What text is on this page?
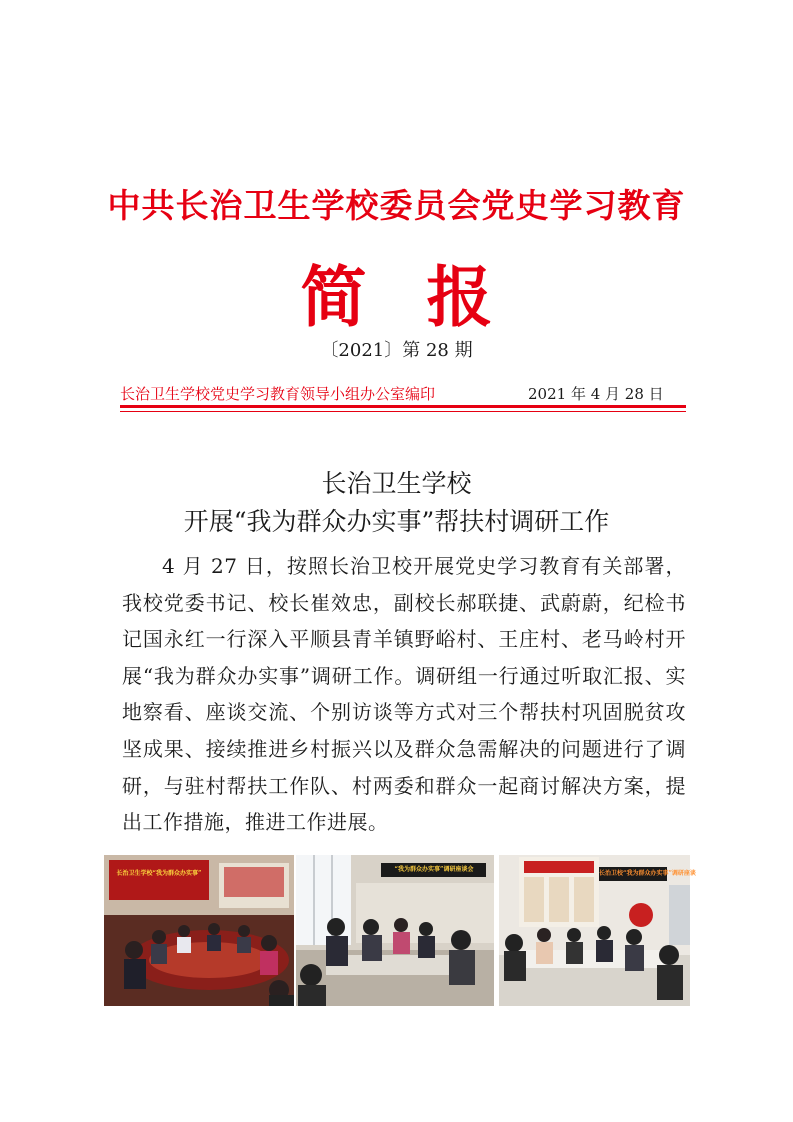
中共长治卫生学校委员会党史学习教育
简报
〔2021〕第 28 期
长治卫生学校党史学习教育领导小组办公室编印	2021 年 4 月 28 日
长治卫生学校
开展“我为群众办实事”帮扶村调研工作
4 月 27 日，按照长治卫校开展党史学习教育有关部署，我校党委书记、校长崔效忠，副校长郝联捷、武蔚蔚，纪检书记国永红一行深入平顺县青羊镇野峪村、王庄村、老马岭村开展“我为群众办实事”调研工作。调研组一行通过听取汇报、实地察看、座谈交流、个别访谈等方式对三个帮扶村巩固脱贫攻坚成果、接续推进乡村振兴以及群众急需解决的问题进行了调研，与驻村帮扶工作队、村两委和群众一起商讨解决方案，提出工作措施，推进工作进展。
长治卫生学校“我为群众办实事”
“我为群众办实事”调研座谈会
长治卫校“我为群众办实事”调研座谈
